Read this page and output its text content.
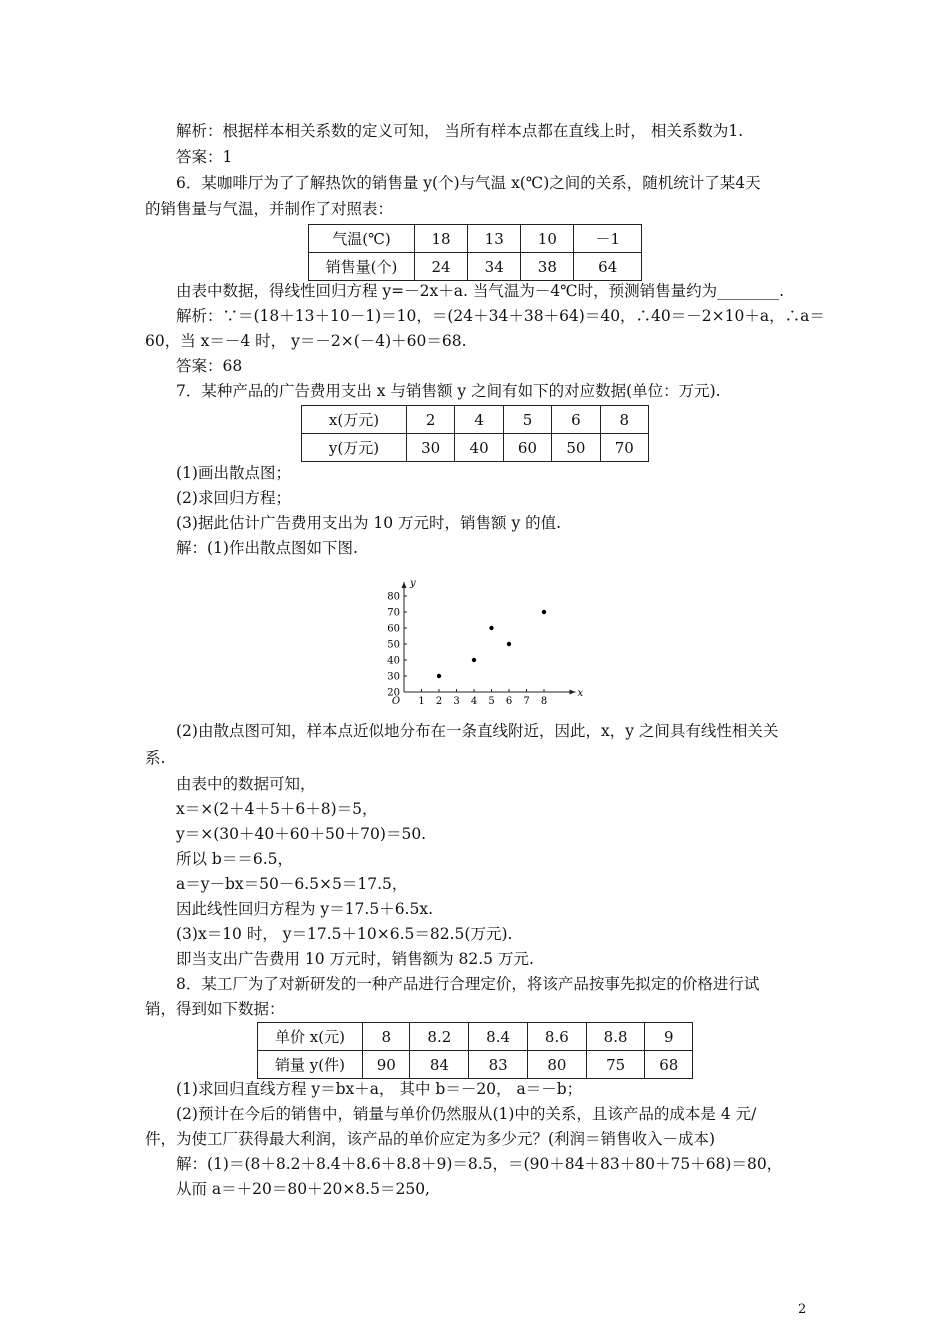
解析：根据样本相关系数的定义可知， 当所有样本点都在直线上时， 相关系数为1.
答案：1
6．某咖啡厅为了了解热饮的销售量 y(个)与气温 x(℃)之间的关系，随机统计了某4天
的销售量与气温，并制作了对照表：
气温(℃)	18	13	10	－1
销售量(个)	24	34	38	64
由表中数据，得线性回归方程 y=－2x＋a. 当气温为－4℃时，预测销售量约为________.
解析：∵＝(18＋13＋10－1)＝10，＝(24＋34＋38＋64)＝40，∴40＝－2×10＋a，∴a＝
60，当 x＝－4 时， y＝－2×(－4)＋60＝68.
答案：68
7．某种产品的广告费用支出 x 与销售额 y 之间有如下的对应数据(单位：万元).
x(万元)	2	4	5	6	8
y(万元)	30	40	60	50	70
(1)画出散点图；
(2)求回归方程；
(3)据此估计广告费用支出为 10 万元时，销售额 y 的值.
解：(1)作出散点图如下图.
x
y
O 1 2 3 4 5 6 7 8
20
30
40
50
60
70
80
(2)由散点图可知，样本点近似地分布在一条直线附近，因此，x，y 之间具有线性相关关
系.
由表中的数据可知，
x＝×(2＋4＋5＋6＋8)＝5，
y＝×(30＋40＋60＋50＋70)＝50.
所以 b＝＝6.5，
a＝y－bx＝50－6.5×5＝17.5，
因此线性回归方程为 y＝17.5＋6.5x.
(3)x＝10 时， y＝17.5＋10×6.5＝82.5(万元).
即当支出广告费用 10 万元时，销售额为 82.5 万元.
8．某工厂为了对新研发的一种产品进行合理定价，将该产品按事先拟定的价格进行试
销，得到如下数据：
单价 x(元)	8	8.2	8.4	8.6	8.8	9
销量 y(件)	90	84	83	80	75	68
(1)求回归直线方程 y＝bx＋a， 其中 b＝－20， a＝－b；
(2)预计在今后的销售中，销量与单价仍然服从(1)中的关系，且该产品的成本是 4 元/
件，为使工厂获得最大利润，该产品的单价应定为多少元？(利润＝销售收入－成本)
解：(1)＝(8＋8.2＋8.4＋8.6＋8.8＋9)＝8.5，＝(90＋84＋83＋80＋75＋68)＝80，
从而 a＝＋20＝80＋20×8.5＝250,
2
